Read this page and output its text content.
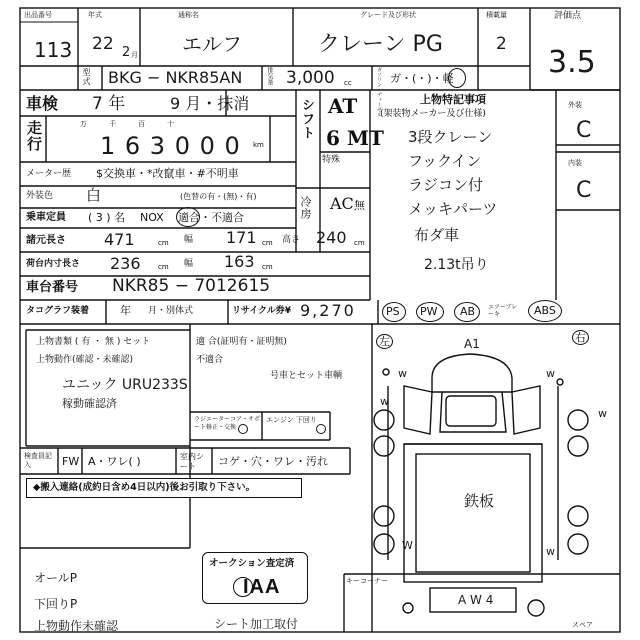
出品番号
113
年式
22 2 月
通称名
エルフ
グレード及び形状
クレーン PG
積載量
2
評価点
3.5
型式 BKG − NKR85AN	排気量 3,000 cc	ガソリン・ディーゼル ガ・(・)・軽
車検 7 年	9 月・抹消
走行	万千百十
1 6 3 0 0 0 km
メーター歴 $交換車・*改竄車・#不明車
外装色 白	(色替の有・(無)・有)
乗車定員 ( 3 ) 名 NOX 適合・不適合
諸元長さ 471	cm 幅 171 cm 高さ 240 cm
荷台内寸長さ 236 cm 幅 163 cm
車台番号 NKR85 − 7012615
シフト AT
6 MT
特殊
冷房 AC 無
上物特記事項
(架装物メーカー及び仕様)
3段クレーン
フックイン
ラジコン付
メッキパーツ
布ダ車
2.13t吊り
外装
C
内装
C
タコグラフ装着	年 月・別体式	リサイクル券¥ 9,270	PS PW AB エアーブレーキ	ABS
上物書類 ( 有 ・ 無 ) セット	適 合(証明有・証明無)
不適合
上物動作(確認・未確認)
号車とセット車輌
ユニック URU233S
稼動確認済
ラジエーターコア・サポート修正・交換
エンジン 下回り
検査員記入	FW A・ワレ( )	室内シート	コゲ・穴・ワレ・汚れ
◆搬入連絡(成約日含め4日以内)後お引取り下さい。
オールP
下回りP
上物動作未確認	シート加工取付
オークション査定済
IAA
左	右
A1
w	w
w
w
W	w
鉄板
A W 4
キーコーナー
スペア
